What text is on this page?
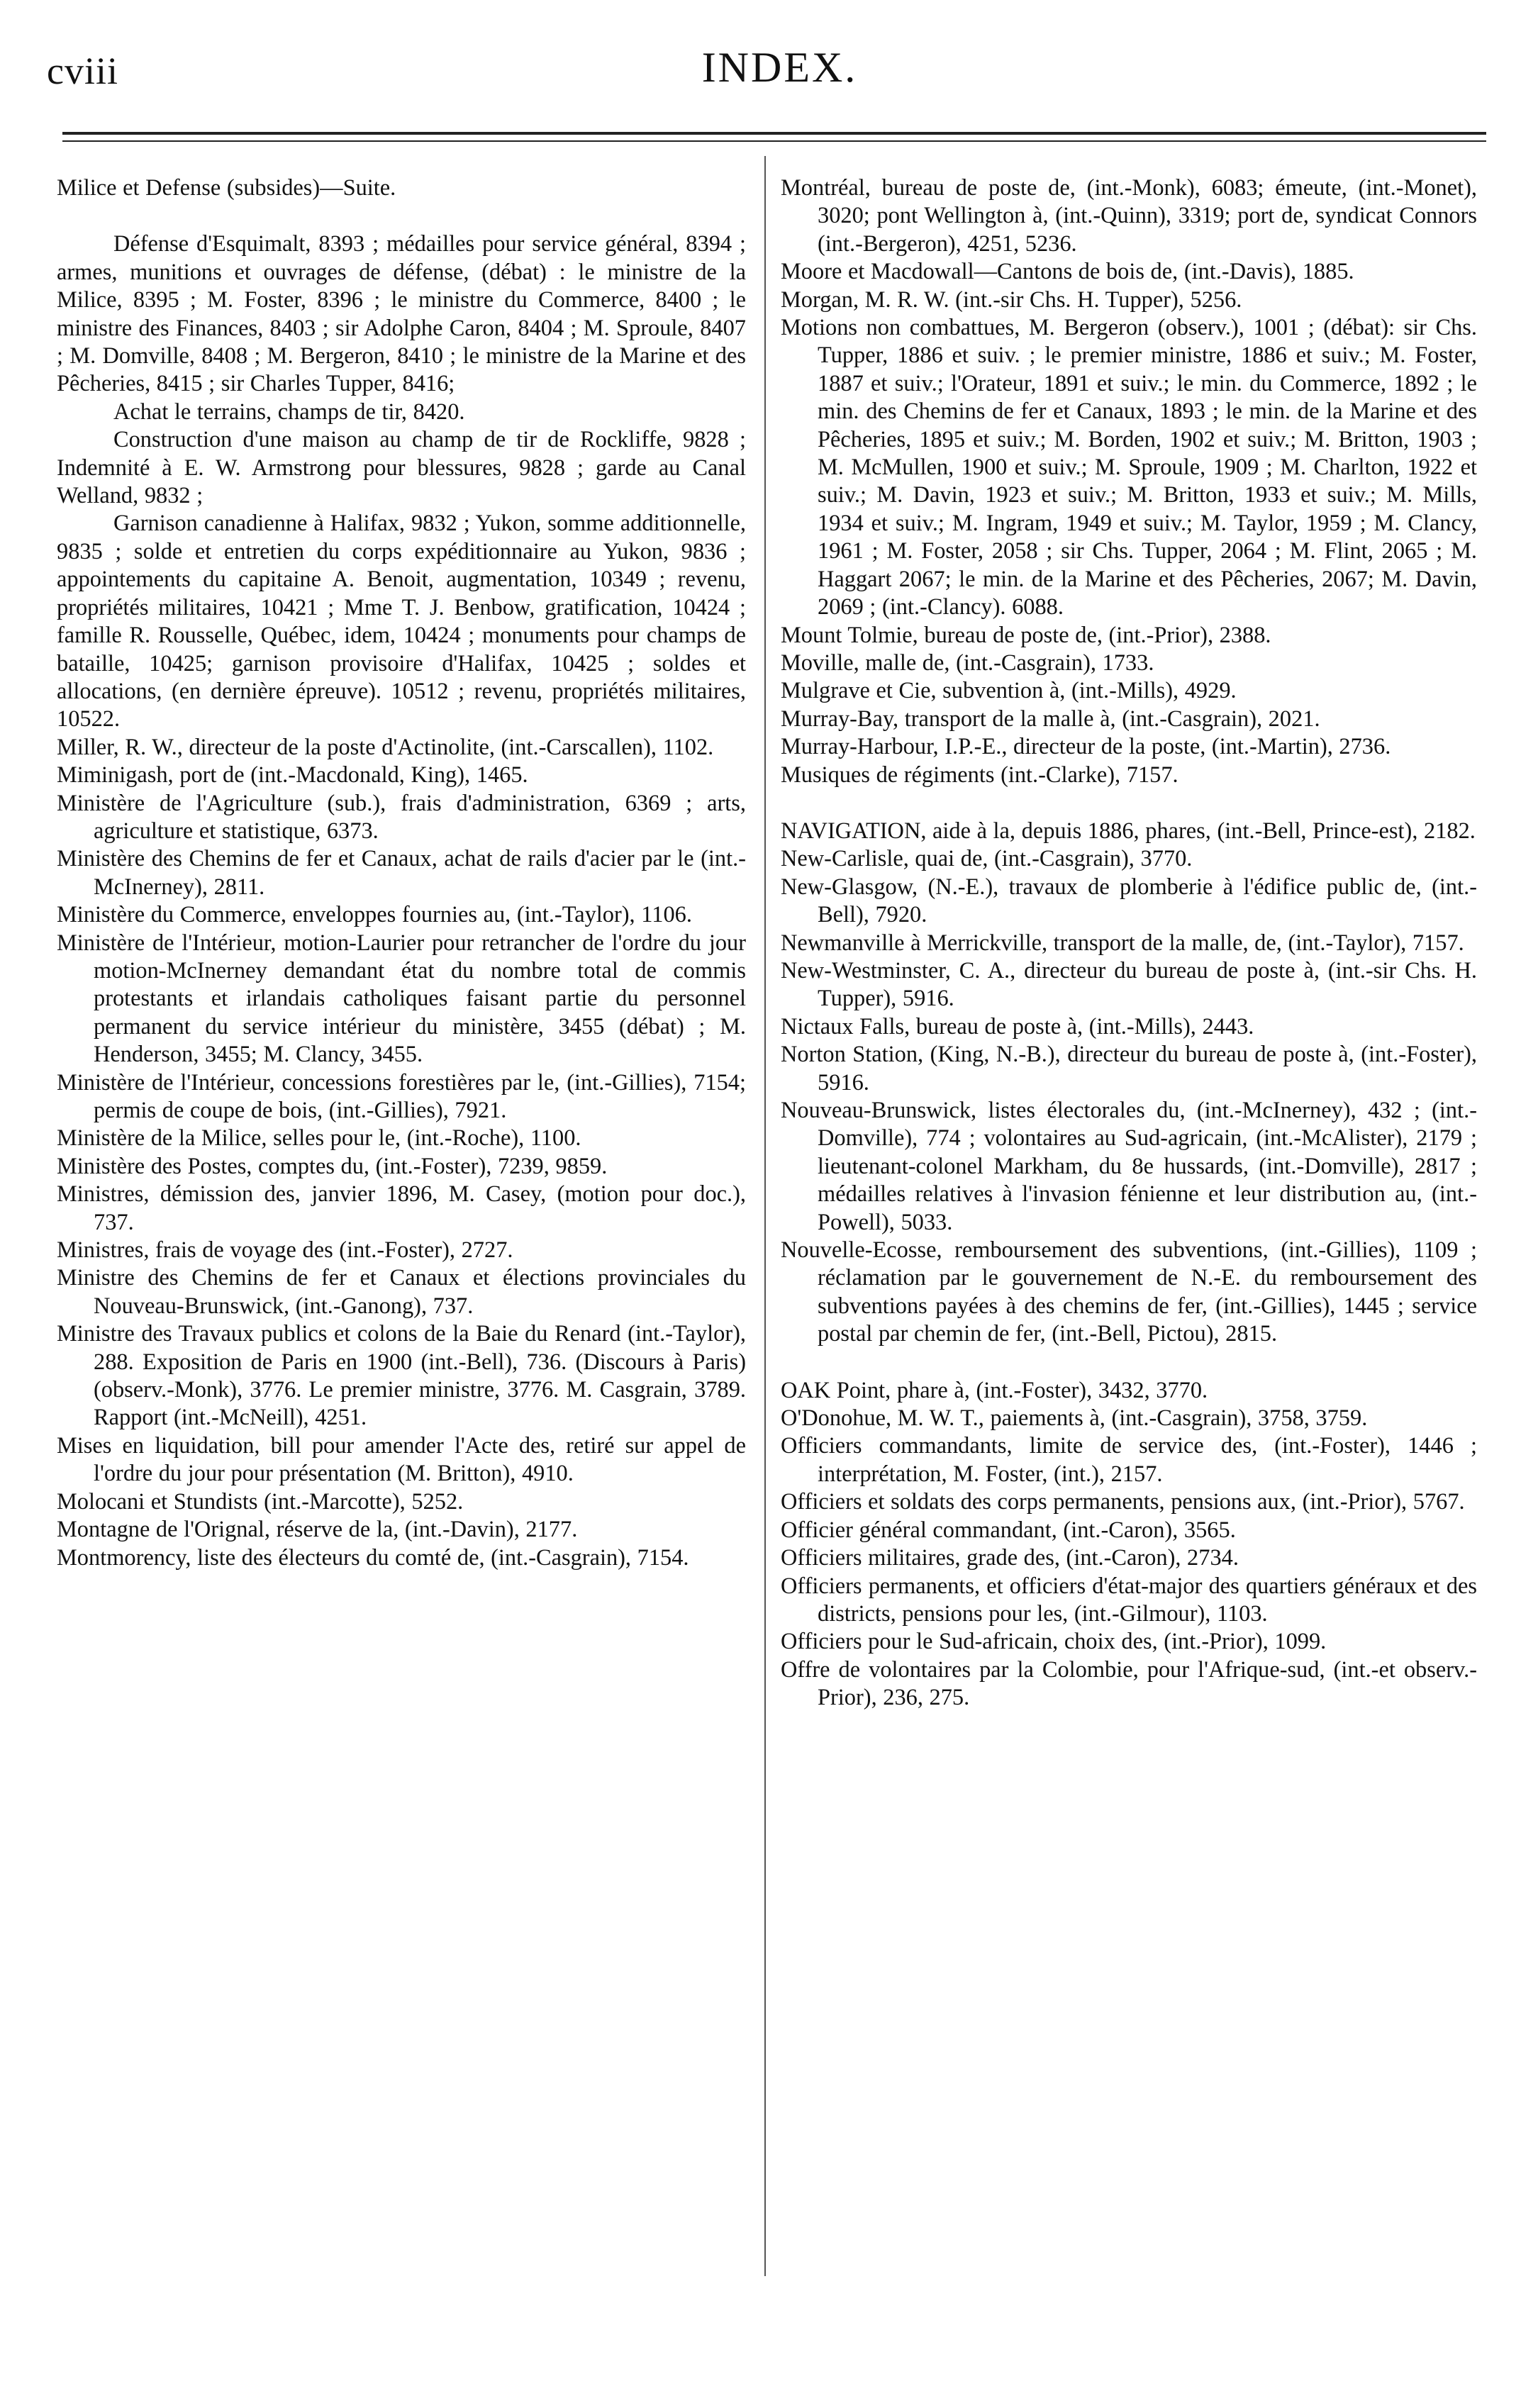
cviii	INDEX.

Milice et Defense (subsides)—Suite.

Défense d'Esquimalt, 8393 ; médailles pour service général, 8394 ; armes, munitions et ouvrages de défense, (débat) : le ministre de la Milice, 8395 ; M. Foster, 8396 ; le ministre du Commerce, 8400 ; le ministre des Finances, 8403 ; sir Adolphe Caron, 8404 ; M. Sproule, 8407 ; M. Domville, 8408 ; M. Bergeron, 8410 ; le ministre de la Marine et des Pêcheries, 8415 ; sir Charles Tupper, 8416;

Achat le terrains, champs de tir, 8420.

Construction d'une maison au champ de tir de Rockliffe, 9828 ; Indemnité à E. W. Armstrong pour blessures, 9828 ; garde au Canal Welland, 9832 ;

Garnison canadienne à Halifax, 9832 ; Yukon, somme additionnelle, 9835 ; solde et entretien du corps expéditionnaire au Yukon, 9836 ; appointements du capitaine A. Benoit, augmentation, 10349 ; revenu, propriétés militaires, 10421 ; Mme T. J. Benbow, gratification, 10424 ; famille R. Rousselle, Québec, idem, 10424 ; monuments pour champs de bataille, 10425; garnison provisoire d'Halifax, 10425 ; soldes et allocations, (en dernière épreuve). 10512 ; revenu, propriétés militaires, 10522.

Miller, R. W., directeur de la poste d'Actinolite, (int.-Carscallen), 1102.

Miminigash, port de (int.-Macdonald, King), 1465.

Ministère de l'Agriculture (sub.), frais d'administration, 6369 ; arts, agriculture et statistique, 6373.

Ministère des Chemins de fer et Canaux, achat de rails d'acier par le (int.-McInerney), 2811.

Ministère du Commerce, enveloppes fournies au, (int.-Taylor), 1106.

Ministère de l'Intérieur, motion-Laurier pour retrancher de l'ordre du jour motion-McInerney demandant état du nombre total de commis protestants et irlandais catholiques faisant partie du personnel permanent du service intérieur du ministère, 3455 (débat) ; M. Henderson, 3455; M. Clancy, 3455.

Ministère de l'Intérieur, concessions forestières par le, (int.-Gillies), 7154; permis de coupe de bois, (int.-Gillies), 7921.

Ministère de la Milice, selles pour le, (int.-Roche), 1100.

Ministère des Postes, comptes du, (int.-Foster), 7239, 9859.

Ministres, démission des, janvier 1896, M. Casey, (motion pour doc.), 737.

Ministres, frais de voyage des (int.-Foster), 2727.

Ministre des Chemins de fer et Canaux et élections provinciales du Nouveau-Brunswick, (int.-Ganong), 737.

Ministre des Travaux publics et colons de la Baie du Renard (int.-Taylor), 288. Exposition de Paris en 1900 (int.-Bell), 736. (Discours à Paris) (observ.-Monk), 3776. Le premier ministre, 3776. M. Casgrain, 3789. Rapport (int.-McNeill), 4251.

Mises en liquidation, bill pour amender l'Acte des, retiré sur appel de l'ordre du jour pour présentation (M. Britton), 4910.

Molocani et Stundists (int.-Marcotte), 5252.

Montagne de l'Orignal, réserve de la, (int.-Davin), 2177.

Montmorency, liste des électeurs du comté de, (int.-Casgrain), 7154.

Montréal, bureau de poste de, (int.-Monk), 6083; émeute, (int.-Monet), 3020; pont Wellington à, (int.-Quinn), 3319; port de, syndicat Connors (int.-Bergeron), 4251, 5236.

Moore et Macdowall—Cantons de bois de, (int.-Davis), 1885.

Morgan, M. R. W. (int.-sir Chs. H. Tupper), 5256.

Motions non combattues, M. Bergeron (observ.), 1001 ; (débat): sir Chs. Tupper, 1886 et suiv. ; le premier ministre, 1886 et suiv.; M. Foster, 1887 et suiv.; l'Orateur, 1891 et suiv.; le min. du Commerce, 1892 ; le min. des Chemins de fer et Canaux, 1893 ; le min. de la Marine et des Pêcheries, 1895 et suiv.; M. Borden, 1902 et suiv.; M. Britton, 1903 ; M. McMullen, 1900 et suiv.; M. Sproule, 1909 ; M. Charlton, 1922 et suiv.; M. Davin, 1923 et suiv.; M. Britton, 1933 et suiv.; M. Mills, 1934 et suiv.; M. Ingram, 1949 et suiv.; M. Taylor, 1959 ; M. Clancy, 1961 ; M. Foster, 2058 ; sir Chs. Tupper, 2064 ; M. Flint, 2065 ; M. Haggart 2067; le min. de la Marine et des Pêcheries, 2067; M. Davin, 2069 ; (int.-Clancy). 6088.

Mount Tolmie, bureau de poste de, (int.-Prior), 2388.

Moville, malle de, (int.-Casgrain), 1733.

Mulgrave et Cie, subvention à, (int.-Mills), 4929.

Murray-Bay, transport de la malle à, (int.-Casgrain), 2021.

Murray-Harbour, I.P.-E., directeur de la poste, (int.-Martin), 2736.

Musiques de régiments (int.-Clarke), 7157.

NAVIGATION, aide à la, depuis 1886, phares, (int.-Bell, Prince-est), 2182.

New-Carlisle, quai de, (int.-Casgrain), 3770.

New-Glasgow, (N.-E.), travaux de plomberie à l'édifice public de, (int.-Bell), 7920.

Newmanville à Merrickville, transport de la malle, de, (int.-Taylor), 7157.

New-Westminster, C. A., directeur du bureau de poste à, (int.-sir Chs. H. Tupper), 5916.

Nictaux Falls, bureau de poste à, (int.-Mills), 2443.

Norton Station, (King, N.-B.), directeur du bureau de poste à, (int.-Foster), 5916.

Nouveau-Brunswick, listes électorales du, (int.-McInerney), 432 ; (int.-Domville), 774 ; volontaires au Sud-agricain, (int.-McAlister), 2179 ; lieutenant-colonel Markham, du 8e hussards, (int.-Domville), 2817 ; médailles relatives à l'invasion fénienne et leur distribution au, (int.-Powell), 5033.

Nouvelle-Ecosse, remboursement des subventions, (int.-Gillies), 1109 ; réclamation par le gouvernement de N.-E. du remboursement des subventions payées à des chemins de fer, (int.-Gillies), 1445 ; service postal par chemin de fer, (int.-Bell, Pictou), 2815.

OAK Point, phare à, (int.-Foster), 3432, 3770.

O'Donohue, M. W. T., paiements à, (int.-Casgrain), 3758, 3759.

Officiers commandants, limite de service des, (int.-Foster), 1446 ; interprétation, M. Foster, (int.), 2157.

Officiers et soldats des corps permanents, pensions aux, (int.-Prior), 5767.

Officier général commandant, (int.-Caron), 3565.

Officiers militaires, grade des, (int.-Caron), 2734.

Officiers permanents, et officiers d'état-major des quartiers généraux et des districts, pensions pour les, (int.-Gilmour), 1103.

Officiers pour le Sud-africain, choix des, (int.-Prior), 1099.

Offre de volontaires par la Colombie, pour l'Afrique-sud, (int.-et observ.-Prior), 236, 275.
